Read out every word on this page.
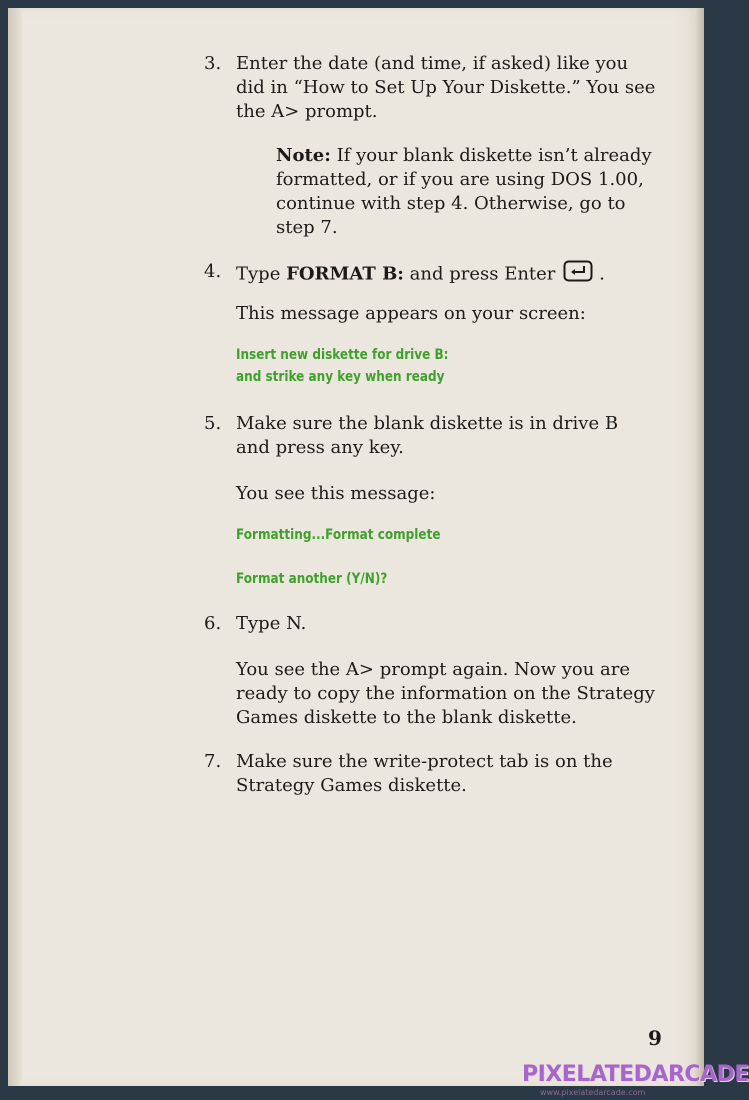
3. Enter the date (and time, if asked) like you did in “How to Set Up Your Diskette.” You see the A> prompt.
Note: If your blank diskette isn’t already formatted, or if you are using DOS 1.00, continue with step 4. Otherwise, go to step 7.
4. Type FORMAT B: and press Enter .
This message appears on your screen:
Insert new diskette for drive B:
and strike any key when ready
5. Make sure the blank diskette is in drive B and press any key.
You see this message:
Formatting...Format complete
Format another (Y/N)?
6. Type N.
You see the A> prompt again. Now you are ready to copy the information on the Strategy Games diskette to the blank diskette.
7. Make sure the write-protect tab is on the Strategy Games diskette.
9
PIXELATEDARCADE
www.pixelatedarcade.com
